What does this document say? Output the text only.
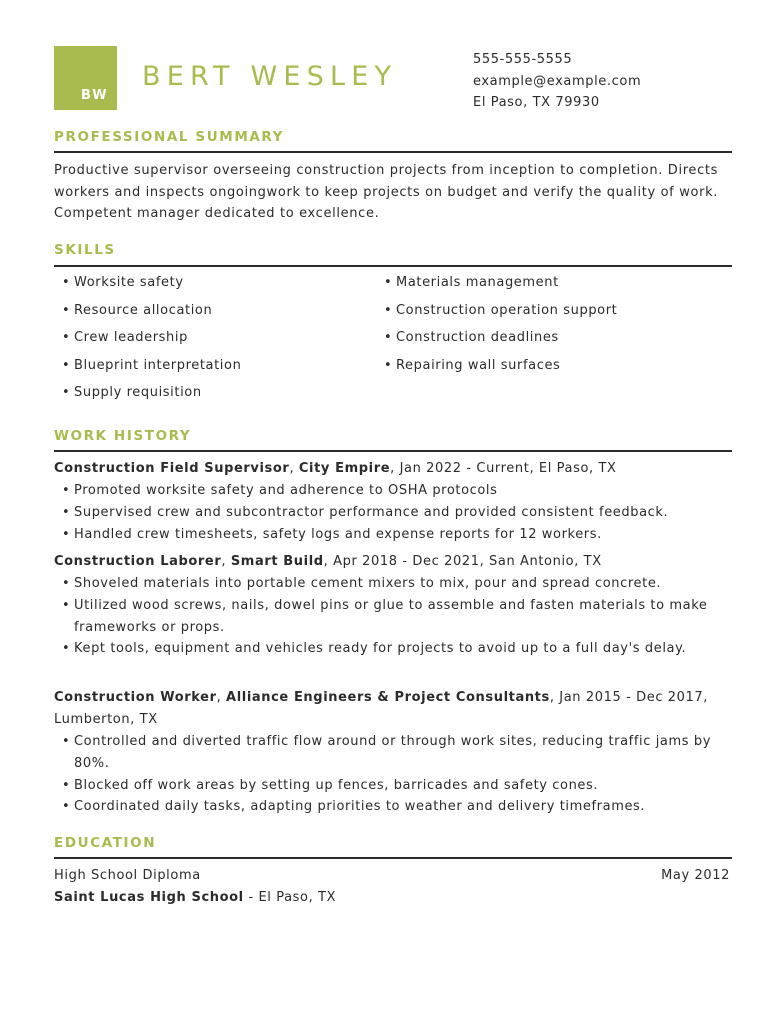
BW
BERT WESLEY
555-555-5555
example@example.com
El Paso, TX 79930
PROFESSIONAL SUMMARY
Productive supervisor overseeing construction projects from inception to completion. Directs workers and inspects ongoingwork to keep projects on budget and verify the quality of work. Competent manager dedicated to excellence.
SKILLS
• Worksite safety
• Resource allocation
• Crew leadership
• Blueprint interpretation
• Supply requisition
• Materials management
• Construction operation support
• Construction deadlines
• Repairing wall surfaces
WORK HISTORY
Construction Field Supervisor, City Empire, Jan 2022 - Current, El Paso, TX
• Promoted worksite safety and adherence to OSHA protocols
• Supervised crew and subcontractor performance and provided consistent feedback.
• Handled crew timesheets, safety logs and expense reports for 12 workers.
Construction Laborer, Smart Build, Apr 2018 - Dec 2021, San Antonio, TX
• Shoveled materials into portable cement mixers to mix, pour and spread concrete.
• Utilized wood screws, nails, dowel pins or glue to assemble and fasten materials to make frameworks or props.
• Kept tools, equipment and vehicles ready for projects to avoid up to a full day's delay.
Construction Worker, Alliance Engineers & Project Consultants, Jan 2015 - Dec 2017,
Lumberton, TX
• Controlled and diverted traffic flow around or through work sites, reducing traffic jams by 80%.
• Blocked off work areas by setting up fences, barricades and safety cones.
• Coordinated daily tasks, adapting priorities to weather and delivery timeframes.
EDUCATION
High School Diploma	May 2012
Saint Lucas High School - El Paso, TX
